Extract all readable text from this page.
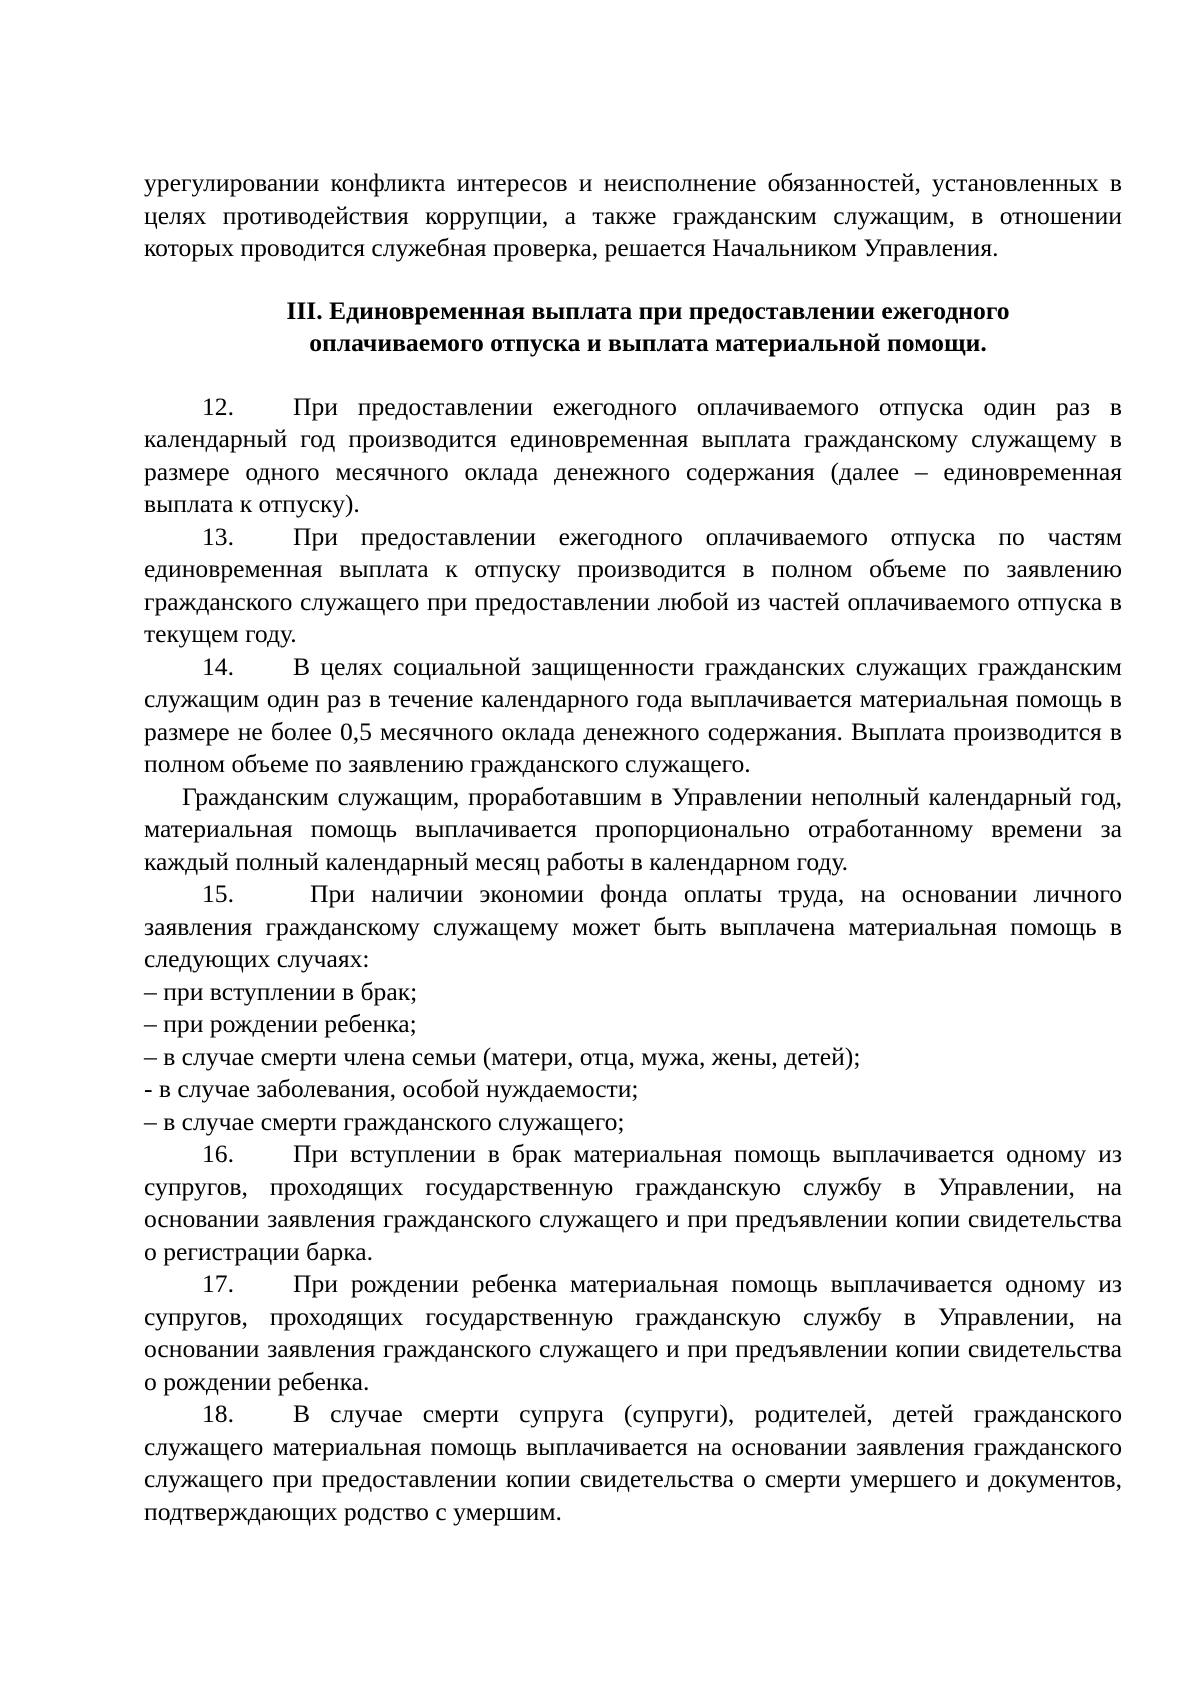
урегулировании конфликта интересов и неисполнение обязанностей, установленных в целях противодействия коррупции, а также гражданским служащим, в отношении которых проводится служебная проверка, решается Начальником Управления.

III. Единовременная выплата при предоставлении ежегодного
оплачиваемого отпуска и выплата материальной помощи.

12. При предоставлении ежегодного оплачиваемого отпуска один раз в календарный год производится единовременная выплата гражданскому служащему в размере одного месячного оклада денежного содержания (далее – единовременная выплата к отпуску).

13. При предоставлении ежегодного оплачиваемого отпуска по частям единовременная выплата к отпуску производится в полном объеме по заявлению гражданского служащего при предоставлении любой из частей оплачиваемого отпуска в текущем году.

14. В целях социальной защищенности гражданских служащих гражданским служащим один раз в течение календарного года выплачивается материальная помощь в размере не более 0,5 месячного оклада денежного содержания. Выплата производится в полном объеме по заявлению гражданского служащего.

Гражданским служащим, проработавшим в Управлении неполный календарный год, материальная помощь выплачивается пропорционально отработанному времени за каждый полный календарный месяц работы в календарном году.

15.	При наличии экономии фонда оплаты труда, на основании личного заявления гражданскому служащему может быть выплачена материальная помощь в следующих случаях:

– при вступлении в брак;

– при рождении ребенка;

– в случае смерти члена семьи (матери, отца, мужа, жены, детей);

- в случае заболевания, особой нуждаемости;

– в случае смерти гражданского служащего;

16. При вступлении в брак материальная помощь выплачивается одному из супругов, проходящих государственную гражданскую службу в Управлении, на основании заявления гражданского служащего и при предъявлении копии свидетельства о регистрации барка.

17. При рождении ребенка материальная помощь выплачивается одному из супругов, проходящих государственную гражданскую службу в Управлении, на основании заявления гражданского служащего и при предъявлении копии свидетельства о рождении ребенка.

18. В случае смерти супруга (супруги), родителей, детей гражданского служащего материальная помощь выплачивается на основании заявления гражданского служащего при предоставлении копии свидетельства о смерти умершего и документов, подтверждающих родство с умершим.
